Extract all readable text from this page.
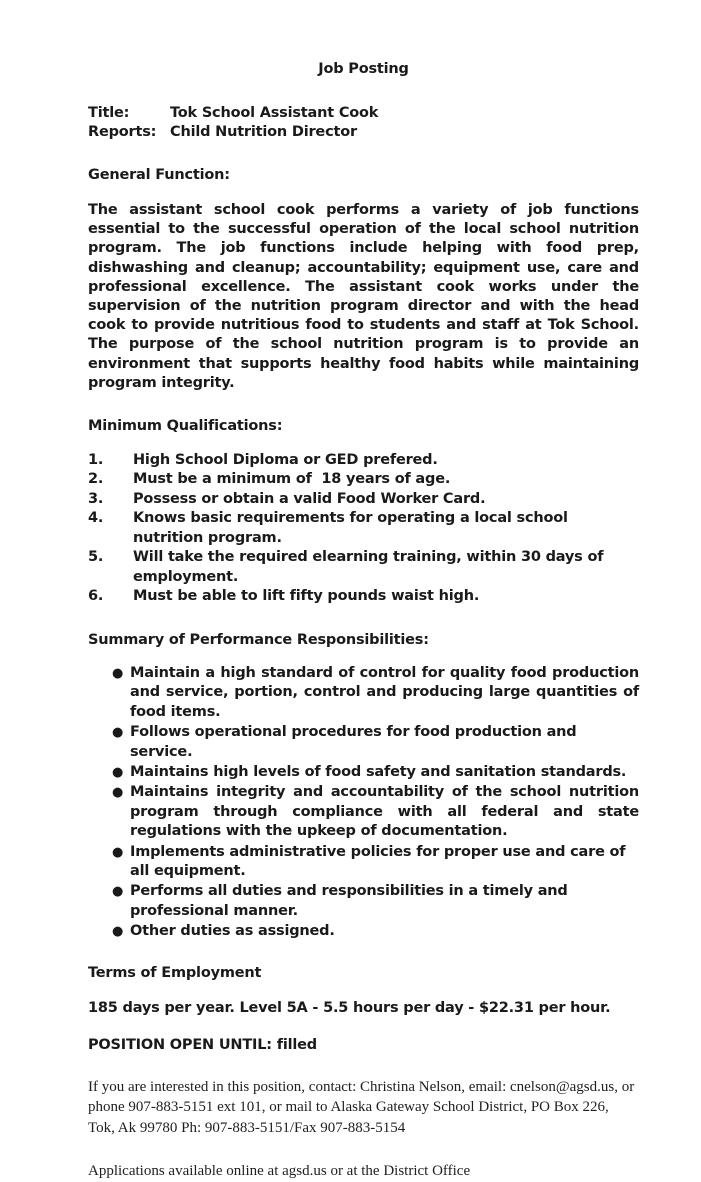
Job Posting
Title:	Tok School Assistant Cook
Reports: Child Nutrition Director
General Function:
The assistant school cook performs a variety of job functions essential to the successful operation of the local school nutrition program. The job functions include helping with food prep, dishwashing and cleanup; accountability; equipment use, care and professional excellence. The assistant cook works under the supervision of the nutrition program director and with the head cook to provide nutritious food to students and staff at Tok School. The purpose of the school nutrition program is to provide an environment that supports healthy food habits while maintaining program integrity.
Minimum Qualifications:
1.	High School Diploma or GED prefered.
2.	Must be a minimum of  18 years of age.
3.	Possess or obtain a valid Food Worker Card.
4.	Knows basic requirements for operating a local school nutrition program.
5.	Will take the required elearning training, within 30 days of employment.
6.	Must be able to lift fifty pounds waist high.
Summary of Performance Responsibilities:
● Maintain a high standard of control for quality food production and service, portion, control and producing large quantities of food items.
● Follows operational procedures for food production and service.
● Maintains high levels of food safety and sanitation standards.
● Maintains integrity and accountability of the school nutrition program through compliance with all federal and state regulations with the upkeep of documentation.
● Implements administrative policies for proper use and care of all equipment.
● Performs all duties and responsibilities in a timely and professional manner.
● Other duties as assigned.
Terms of Employment
185 days per year. Level 5A - 5.5 hours per day - $22.31 per hour.
POSITION OPEN UNTIL: filled
If you are interested in this position, contact: Christina Nelson, email: cnelson@agsd.us, or phone 907-883-5151 ext 101, or mail to Alaska Gateway School District, PO Box 226, Tok, Ak 99780 Ph: 907-883-5151/Fax 907-883-5154
Applications available online at agsd.us or at the District Office
